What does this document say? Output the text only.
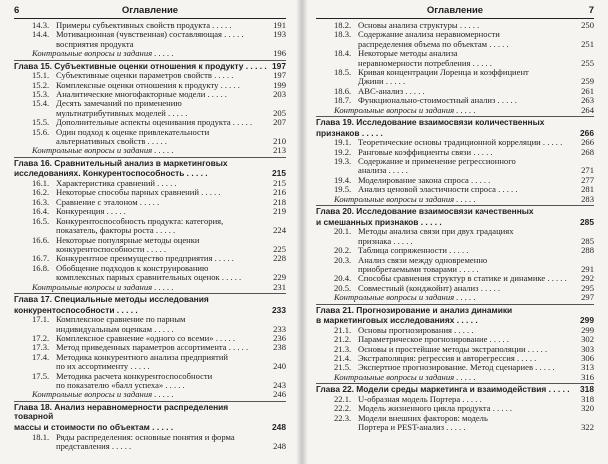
6	Оглавление
14.3. Примеры субъективных свойств продукта . . . . .	191
14.4. Мотивационная (чувственная) составляющая . . . . .	193
восприятия продукта
Контрольные вопросы и задания . . . . .	196
Глава 15. Субъективные оценки отношения к продукту . . . . . 197
15.1. Субъективные оценки параметров свойств . . . . .	197
15.2. Комплексные оценки отношения к продукту . . . . .	199
15.3. Аналитические многофакторные модели . . . . .	203
15.4. Десять замечаний по применению
мультиатрибутивных моделей . . . . .	205
15.5. Дополнительные аспекты оценивания продукта . . . . .	207
15.6. Один подход к оценке привлекательности
альтернативных свойств . . . . .	210
Контрольные вопросы и задания . . . . .	213
Глава 16. Сравнительный анализ в маркетинговых
исследованиях. Конкурентоспособность . . . . .	215
16.1. Характеристика сравнений . . . . .	215
16.2. Некоторые способы парных сравнений . . . . .	216
16.3. Сравнение с эталоном . . . . .	218
16.4. Конкуренция . . . . .	219
16.5. Конкурентоспособность продукта: категория,
показатель, факторы роста . . . . .	224
16.6. Некоторые популярные методы оценки
конкурентоспособности . . . . .	225
16.7. Конкурентное преимущество предприятия . . . . .	228
16.8. Обобщение подходов к конструированию
комплексных парных сравнительных оценок . . . . .	229
Контрольные вопросы и задания . . . . .	231
Глава 17. Специальные методы исследования
конкурентоспособности . . . . .	233
17.1. Комплексное сравнение по парным
индивидуальным оценкам . . . . .	233
17.2. Комплексное сравнение «одного со всеми» . . . . .	236
17.3. Метод приведенных параметров ассортимента . . . . .	238
17.4. Методика конкурентного анализа предприятий
по их ассортименту . . . . .	240
17.5. Методика расчета конкурентоспособности
по показателю «балл успеха» . . . . .	243
Контрольные вопросы и задания . . . . .	246
Глава 18. Анализ неравномерности распределения товарной
массы и стоимости по объектам . . . . .	248
18.1. Ряды распределения: основные понятия и форма
представления . . . . .	248
7
Оглавление
18.2. Основы анализа структуры . . . . .	250
18.3. Содержание анализа неравномерности
распределения объема по объектам . . . . .	251
18.4. Некоторые методы анализа
неравномерности потребления . . . . .	255
18.5. Кривая концентрации Лоренца и коэффициент
Джини . . . . .	259
18.6. ABC-анализ . . . . .	261
18.7. Функционально-стоимостный анализ . . . . .	263
Контрольные вопросы и задания . . . . .	264
Глава 19. Исследование взаимосвязи количественных
признаков . . . . .	266
19.1. Теоретические основы традиционной корреляции . . . . .	266
19.2. Ранговые коэффициенты связи . . . . .	268
19.3. Содержание и применение регрессионного
анализа . . . . .	271
19.4. Моделирование закона спроса . . . . .	277
19.5. Анализ ценовой эластичности спроса . . . . .	281
Контрольные вопросы и задания . . . . .	283
Глава 20. Исследование взаимосвязи качественных
и смешанных признаков . . . . .	285
20.1. Методы анализа связи при двух градациях
признака . . . . .	285
20.2. Таблица сопряженности . . . . .	288
20.3. Анализ связи между одновременно
приобретаемыми товарами . . . . .	291
20.4. Способы сравнения структур в статике и динамике . . . . .	292
20.5. Совместный (конджойнт) анализ . . . . .	295
Контрольные вопросы и задания . . . . .	297
Глава 21. Прогнозирование и анализ динамики
в маркетинговых исследованиях . . . . .	299
21.1. Основы прогнозирования . . . . .	299
21.2. Параметрическое прогнозирование . . . . .	302
21.3. Основы и простейшие методы экстраполяции . . . . .	303
21.4. Экстраполяция: регрессия и авторегрессия . . . . .	306
21.5. Экспертное прогнозирование. Метод сценариев . . . . .	313
Контрольные вопросы и задания . . . . .	316
Глава 22. Модели среды маркетинга и взаимодействия . . . . .	318
22.1. U-образная модель Портера . . . . .	318
22.2. Модель жизненного цикла продукта . . . . .	320
22.3. Модели внешних факторов: модель
Портера и PEST-анализ . . . . .	322
